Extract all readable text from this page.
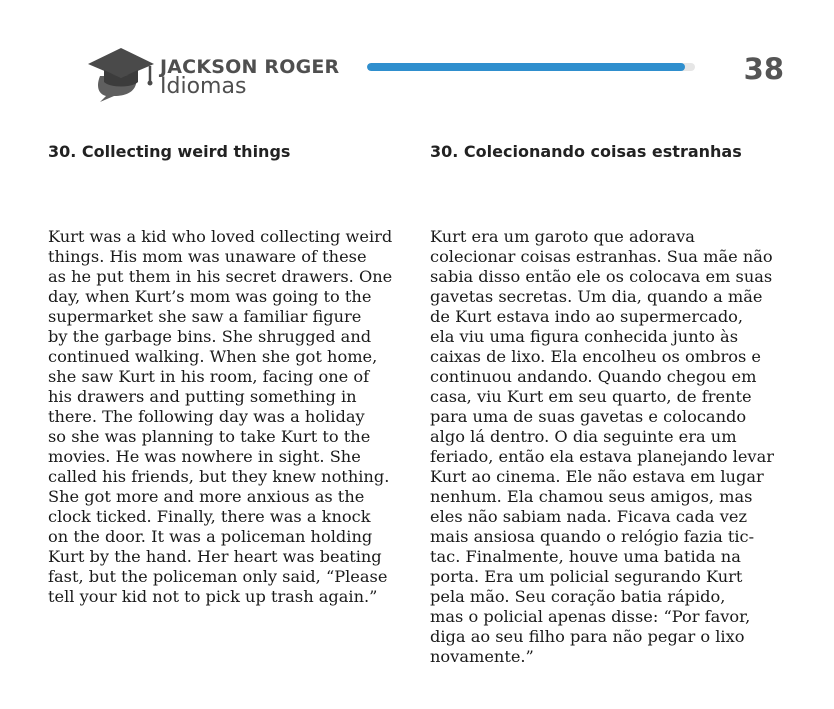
JACKSON ROGER
Idiomas
38
30. Collecting weird things	30. Colecionando coisas estranhas
Kurt was a kid who loved collecting weird
things. His mom was unaware of these
as he put them in his secret drawers. One
day, when Kurt’s mom was going to the
supermarket she saw a familiar figure
by the garbage bins. She shrugged and
continued walking. When she got home,
she saw Kurt in his room, facing one of
his drawers and putting something in
there. The following day was a holiday
so she was planning to take Kurt to the
movies. He was nowhere in sight. She
called his friends, but they knew nothing.
She got more and more anxious as the
clock ticked. Finally, there was a knock
on the door. It was a policeman holding
Kurt by the hand. Her heart was beating
fast, but the policeman only said, “Please
tell your kid not to pick up trash again.”
Kurt era um garoto que adorava
colecionar coisas estranhas. Sua mãe não
sabia disso então ele os colocava em suas
gavetas secretas. Um dia, quando a mãe
de Kurt estava indo ao supermercado,
ela viu uma figura conhecida junto às
caixas de lixo. Ela encolheu os ombros e
continuou andando. Quando chegou em
casa, viu Kurt em seu quarto, de frente
para uma de suas gavetas e colocando
algo lá dentro. O dia seguinte era um
feriado, então ela estava planejando levar
Kurt ao cinema. Ele não estava em lugar
nenhum. Ela chamou seus amigos, mas
eles não sabiam nada. Ficava cada vez
mais ansiosa quando o relógio fazia tic-
tac. Finalmente, houve uma batida na
porta. Era um policial segurando Kurt
pela mão. Seu coração batia rápido,
mas o policial apenas disse: “Por favor,
diga ao seu filho para não pegar o lixo
novamente.”
